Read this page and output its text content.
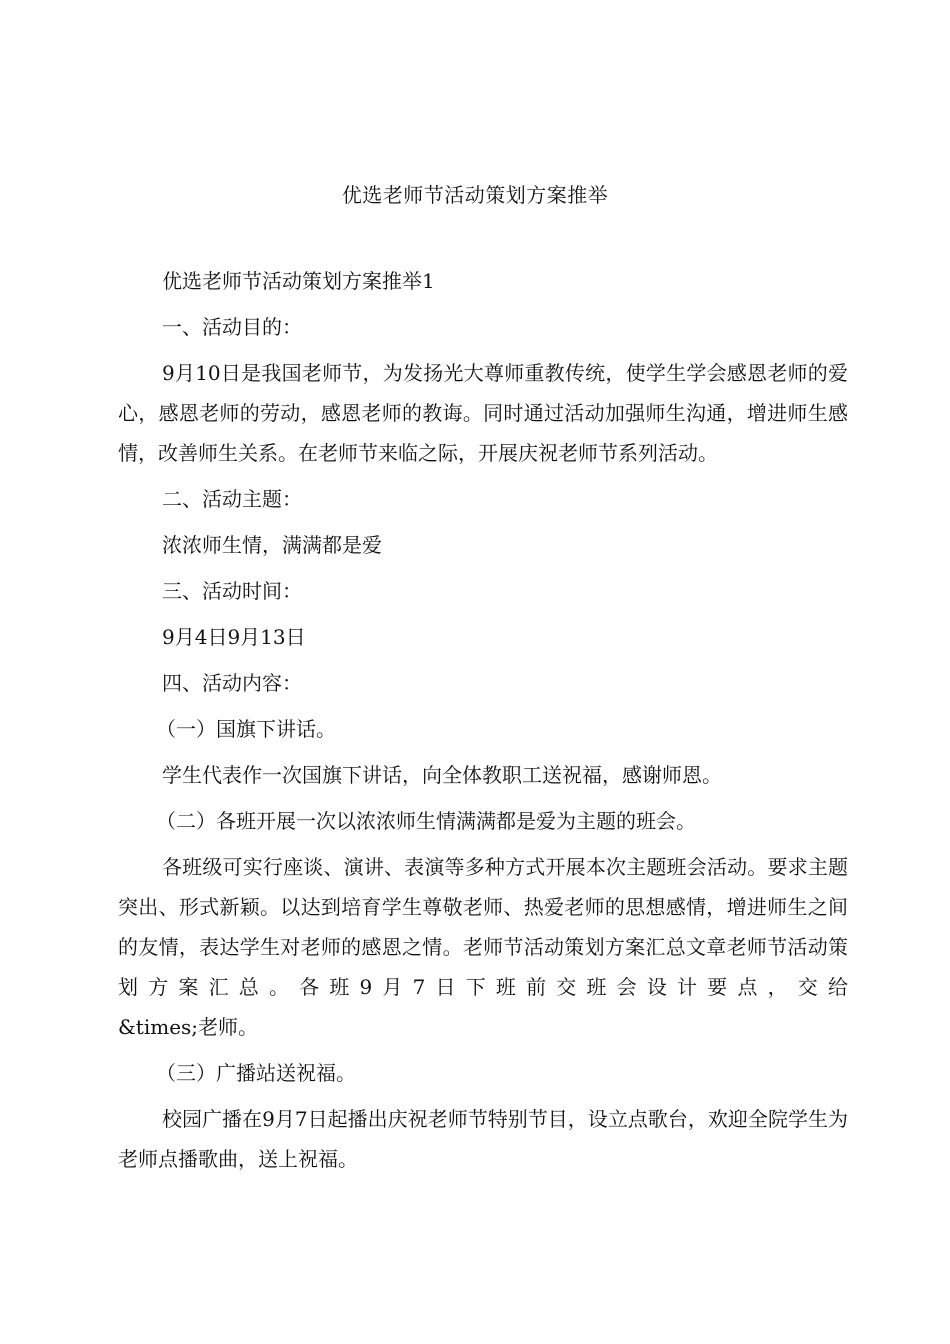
优选老师节活动策划方案推举

优选老师节活动策划方案推举1

一、活动目的：

9月10日是我国老师节，为发扬光大尊师重教传统，使学生学会感恩老师的爱心，感恩老师的劳动，感恩老师的教诲。同时通过活动加强师生沟通，增进师生感情，改善师生关系。在老师节来临之际，开展庆祝老师节系列活动。

二、活动主题：

浓浓师生情，满满都是爱

三、活动时间：

9月4日9月13日

四、活动内容：

（一）国旗下讲话。

学生代表作一次国旗下讲话，向全体教职工送祝福，感谢师恩。

（二）各班开展一次以浓浓师生情满满都是爱为主题的班会。

各班级可实行座谈、演讲、表演等多种方式开展本次主题班会活动。要求主题突出、形式新颖。以达到培育学生尊敬老师、热爱老师的思想感情，增进师生之间的友情，表达学生对老师的感恩之情。老师节活动策划方案汇总文章老师节活动策划方案汇总。各班9月7日下班前交班会设计要点，交给

&times;老师。

（三）广播站送祝福。

校园广播在9月7日起播出庆祝老师节特别节目，设立点歌台，欢迎全院学生为老师点播歌曲，送上祝福。
